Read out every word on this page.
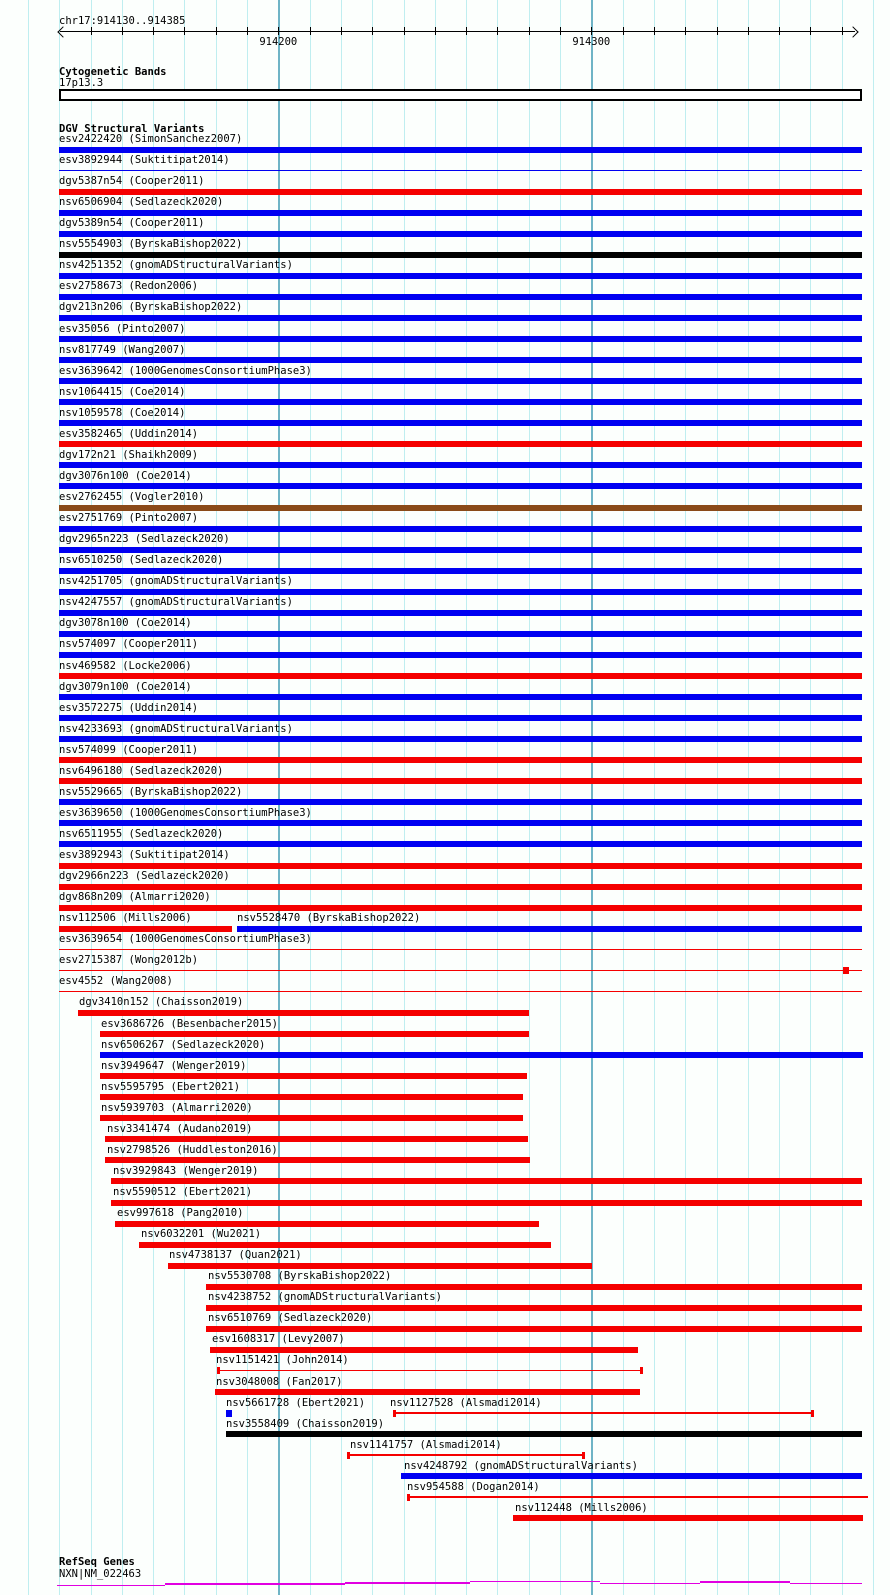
chr17:914130..914385
914200	914300
Cytogenetic Bands
17p13.3
DGV Structural Variants
esv2422420 (SimonSanchez2007)
esv3892944 (Suktitipat2014)
dgv5387n54 (Cooper2011)
nsv6506904 (Sedlazeck2020)
dgv5389n54 (Cooper2011)
nsv5554903 (ByrskaBishop2022)
nsv4251352 (gnomADStructuralVariants)
esv2758673 (Redon2006)
dgv213n206 (ByrskaBishop2022)
esv35056 (Pinto2007)
nsv817749 (Wang2007)
esv3639642 (1000GenomesConsortiumPhase3)
nsv1064415 (Coe2014)
nsv1059578 (Coe2014)
esv3582465 (Uddin2014)
dgv172n21 (Shaikh2009)
dgv3076n100 (Coe2014)
esv2762455 (Vogler2010)
esv2751769 (Pinto2007)
dgv2965n223 (Sedlazeck2020)
nsv6510250 (Sedlazeck2020)
nsv4251705 (gnomADStructuralVariants)
nsv4247557 (gnomADStructuralVariants)
dgv3078n100 (Coe2014)
nsv574097 (Cooper2011)
nsv469582 (Locke2006)
dgv3079n100 (Coe2014)
esv3572275 (Uddin2014)
nsv4233693 (gnomADStructuralVariants)
nsv574099 (Cooper2011)
nsv6496180 (Sedlazeck2020)
nsv5529665 (ByrskaBishop2022)
esv3639650 (1000GenomesConsortiumPhase3)
nsv6511955 (Sedlazeck2020)
esv3892943 (Suktitipat2014)
dgv2966n223 (Sedlazeck2020)
dgv868n209 (Almarri2020)
nsv112506 (Mills2006)	nsv5528470 (ByrskaBishop2022)
esv3639654 (1000GenomesConsortiumPhase3)
esv2715387 (Wong2012b)
esv4552 (Wang2008)
dgv3410n152 (Chaisson2019)
esv3686726 (Besenbacher2015)
nsv6506267 (Sedlazeck2020)
nsv3949647 (Wenger2019)
nsv5595795 (Ebert2021)
nsv5939703 (Almarri2020)
nsv3341474 (Audano2019)
nsv2798526 (Huddleston2016)
nsv3929843 (Wenger2019)
nsv5590512 (Ebert2021)
esv997618 (Pang2010)
nsv6032201 (Wu2021)
nsv4738137 (Quan2021)
nsv5530708 (ByrskaBishop2022)
nsv4238752 (gnomADStructuralVariants)
nsv6510769 (Sedlazeck2020)
esv1608317 (Levy2007)
nsv1151421 (John2014)
nsv3048008 (Fan2017)
nsv5661728 (Ebert2021) nsv1127528 (Alsmadi2014)
nsv3558409 (Chaisson2019)
nsv1141757 (Alsmadi2014)
nsv4248792 (gnomADStructuralVariants)
nsv954588 (Dogan2014)
nsv112448 (Mills2006)
RefSeq Genes
NXN|NM_022463
